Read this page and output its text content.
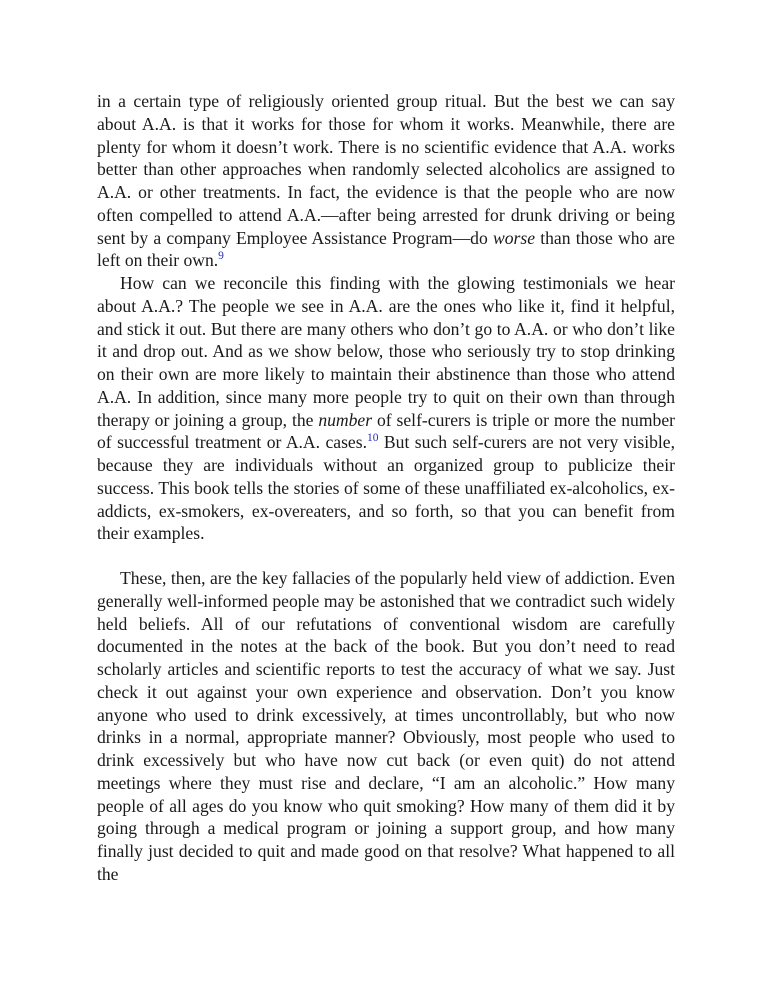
in a certain type of religiously oriented group ritual. But the best we can say about A.A. is that it works for those for whom it works. Meanwhile, there are plenty for whom it doesn’t work. There is no scientific evidence that A.A. works better than other approaches when randomly selected alcoholics are assigned to A.A. or other treatments. In fact, the evidence is that the people who are now often compelled to attend A.A.—after being arrested for drunk driving or being sent by a company Employee Assistance Program—do worse than those who are left on their own.$^9$

How can we reconcile this finding with the glowing testimonials we hear about A.A.? The people we see in A.A. are the ones who like it, find it helpful, and stick it out. But there are many others who don’t go to A.A. or who don’t like it and drop out. And as we show below, those who seriously try to stop drinking on their own are more likely to maintain their abstinence than those who attend A.A. In addition, since many more people try to quit on their own than through therapy or joining a group, the number of self-curers is triple or more the number of successful treatment or A.A. cases.$^{10}$ But such self-curers are not very visible, because they are individuals without an organized group to publicize their success. This book tells the stories of some of these unaffiliated ex-alcoholics, ex-addicts, ex-smokers, ex-overeaters, and so forth, so that you can benefit from their examples.

These, then, are the key fallacies of the popularly held view of addiction. Even generally well-informed people may be astonished that we contradict such widely held beliefs. All of our refutations of conventional wisdom are carefully documented in the notes at the back of the book. But you don’t need to read scholarly articles and scientific reports to test the accuracy of what we say. Just check it out against your own experience and observation. Don’t you know anyone who used to drink excessively, at times uncontrollably, but who now drinks in a normal, appropriate manner? Obviously, most people who used to drink excessively but who have now cut back (or even quit) do not attend meetings where they must rise and declare, “I am an alcoholic.” How many people of all ages do you know who quit smoking? How many of them did it by going through a medical program or joining a support group, and how many finally just decided to quit and made good on that resolve? What happened to all the
